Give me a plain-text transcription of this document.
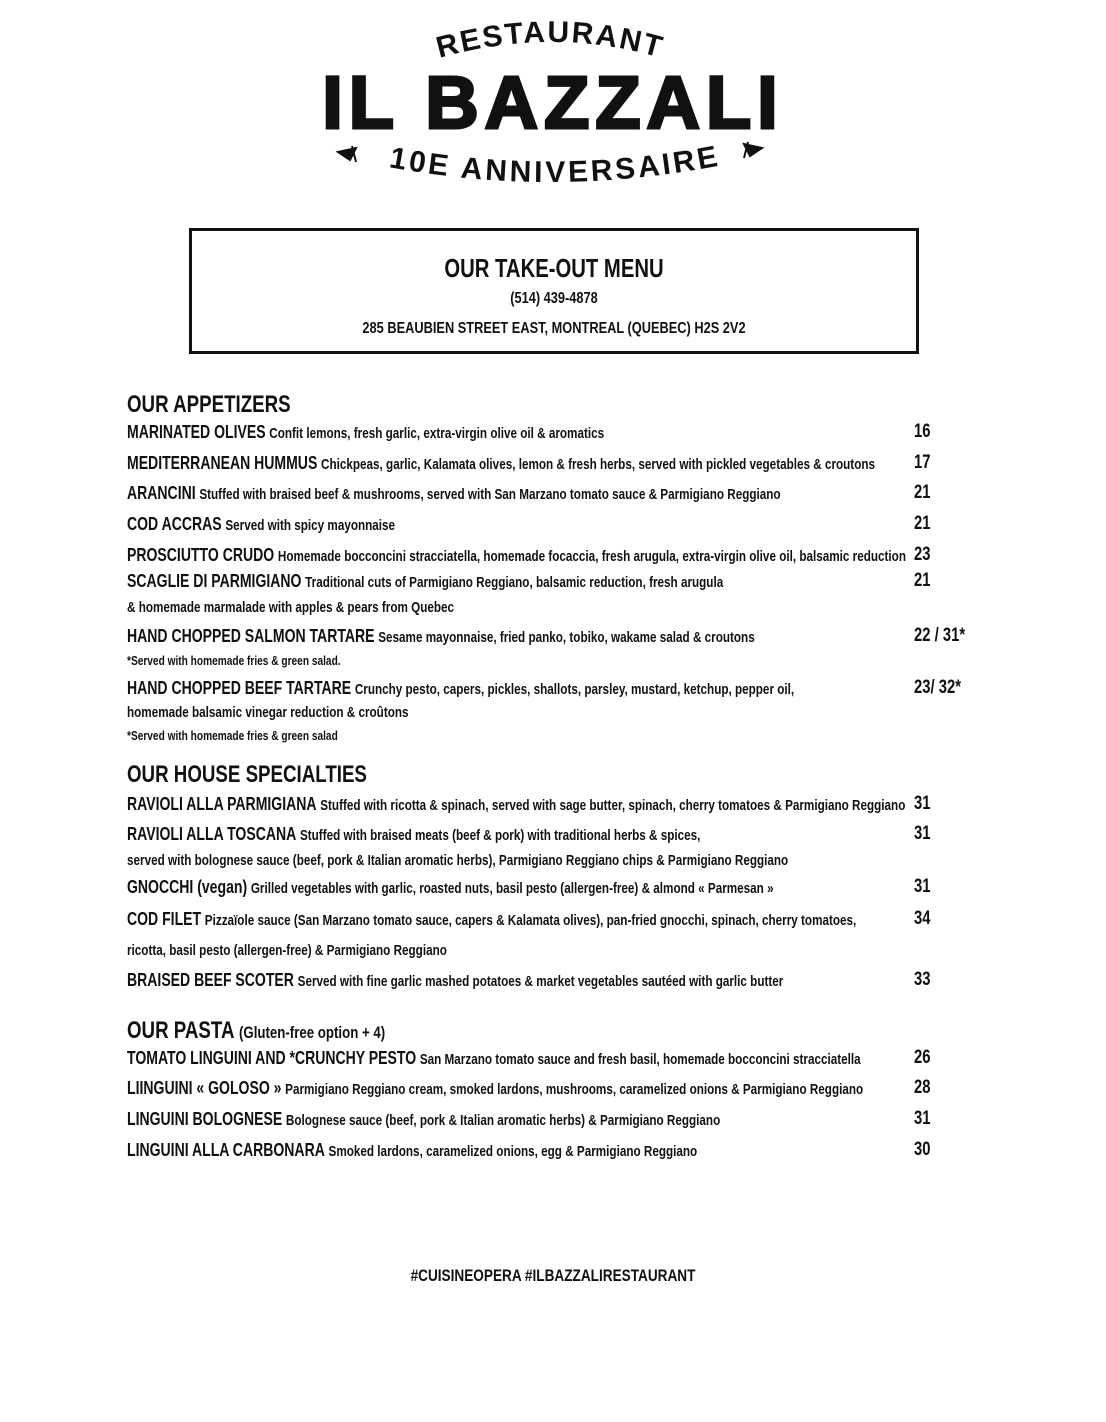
RESTAURANT
IL BAZZALI
10E ANNIVERSAIRE
OUR TAKE-OUT MENU
(514) 439-4878
285 BEAUBIEN STREET EAST, MONTREAL (QUEBEC) H2S 2V2
OUR APPETIZERS
MARINATED OLIVES Confit lemons, fresh garlic, extra-virgin olive oil & aromatics	16
MEDITERRANEAN HUMMUS Chickpeas, garlic, Kalamata olives, lemon & fresh herbs, served with pickled vegetables & croutons 17
ARANCINI Stuffed with braised beef & mushrooms, served with San Marzano tomato sauce & Parmigiano Reggiano	21
COD ACCRAS Served with spicy mayonnaise	21
PROSCIUTTO CRUDO Homemade bocconcini stracciatella, homemade focaccia, fresh arugula, extra-virgin olive oil, balsamic reduction 23
SCAGLIE DI PARMIGIANO Traditional cuts of Parmigiano Reggiano, balsamic reduction, fresh arugula	21
& homemade marmalade with apples & pears from Quebec
HAND CHOPPED SALMON TARTARE Sesame mayonnaise, fried panko, tobiko, wakame salad & croutons	22 / 31*
*Served with homemade fries & green salad.
HAND CHOPPED BEEF TARTARE Crunchy pesto, capers, pickles, shallots, parsley, mustard, ketchup, pepper oil,	23/ 32*
homemade balsamic vinegar reduction & croûtons
*Served with homemade fries & green salad
OUR HOUSE SPECIALTIES
RAVIOLI ALLA PARMIGIANA Stuffed with ricotta & spinach, served with sage butter, spinach, cherry tomatoes & Parmigiano Reggiano 31
RAVIOLI ALLA TOSCANA Stuffed with braised meats (beef & pork) with traditional herbs & spices,	31
served with bolognese sauce (beef, pork & Italian aromatic herbs), Parmigiano Reggiano chips & Parmigiano Reggiano
GNOCCHI (vegan) Grilled vegetables with garlic, roasted nuts, basil pesto (allergen-free) & almond « Parmesan »	31
COD FILET Pizzaïole sauce (San Marzano tomato sauce, capers & Kalamata olives), pan-fried gnocchi, spinach, cherry tomatoes,	34
ricotta, basil pesto (allergen-free) & Parmigiano Reggiano
BRAISED BEEF SCOTER Served with fine garlic mashed potatoes & market vegetables sautéed with garlic butter	33
OUR PASTA (Gluten-free option + 4)
TOMATO LINGUINI AND *CRUNCHY PESTO San Marzano tomato sauce and fresh basil, homemade bocconcini stracciatella	26
LIINGUINI « GOLOSO » Parmigiano Reggiano cream, smoked lardons, mushrooms, caramelized onions & Parmigiano Reggiano	28
LINGUINI BOLOGNESE Bolognese sauce (beef, pork & Italian aromatic herbs) & Parmigiano Reggiano	31
LINGUINI ALLA CARBONARA Smoked lardons, caramelized onions, egg & Parmigiano Reggiano	30
#CUISINEOPERA #ILBAZZALIRESTAURANT
